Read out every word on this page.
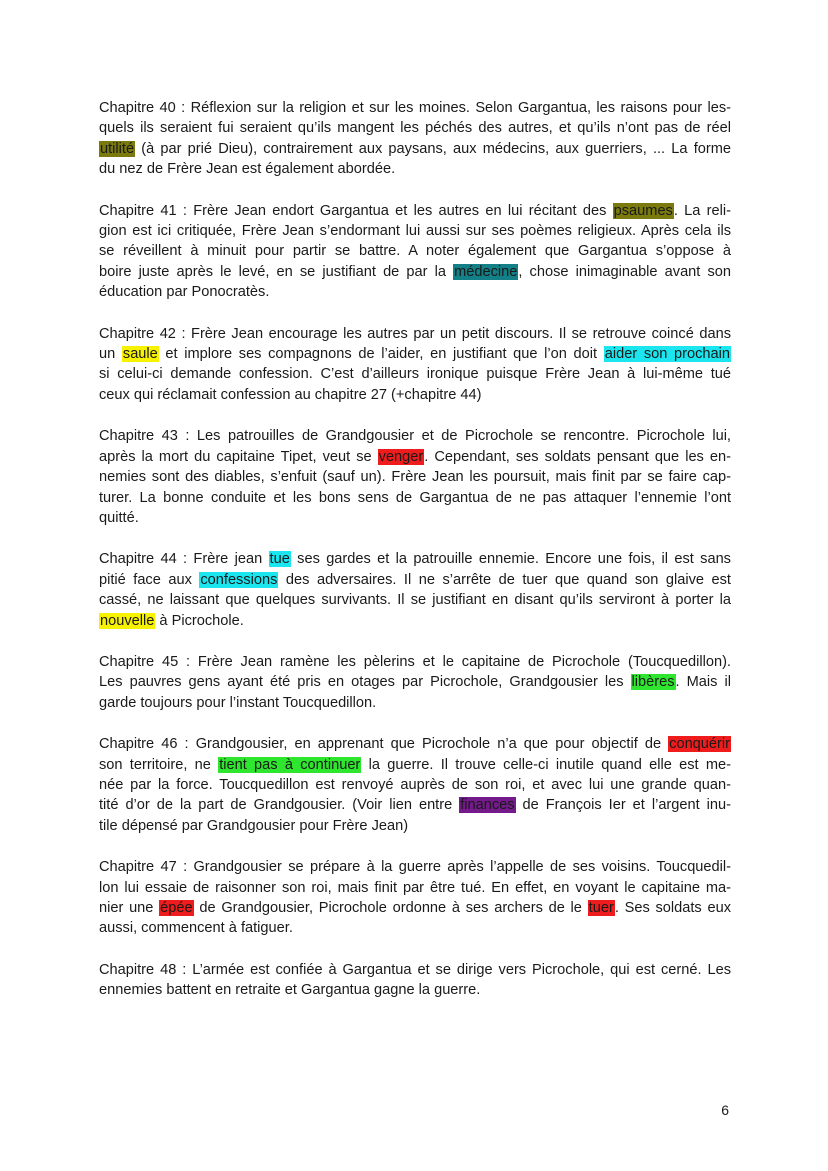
Chapitre 40 : Réflexion sur la religion et sur les moines. Selon Gargantua, les raisons pour les-
quels ils seraient fui seraient qu’ils mangent les péchés des autres, et qu’ils n’ont pas de réel
utilité (à par prié Dieu), contrairement aux paysans, aux médecins, aux guerriers, ... La forme
du nez de Frère Jean est également abordée.

Chapitre 41 : Frère Jean endort Gargantua et les autres en lui récitant des psaumes. La reli-
gion est ici critiquée, Frère Jean s’endormant lui aussi sur ses poèmes religieux. Après cela ils
se réveillent à minuit pour partir se battre. A noter également que Gargantua s’oppose à
boire juste après le levé, en se justifiant de par la médecine, chose inimaginable avant son
éducation par Ponocratès.

Chapitre 42 : Frère Jean encourage les autres par un petit discours. Il se retrouve coincé dans
un saule et implore ses compagnons de l’aider, en justifiant que l’on doit aider son prochain
si celui-ci demande confession. C’est d’ailleurs ironique puisque Frère Jean à lui-même tué
ceux qui réclamait confession au chapitre 27 (+chapitre 44)

Chapitre 43 : Les patrouilles de Grandgousier et de Picrochole se rencontre. Picrochole lui,
après la mort du capitaine Tipet, veut se venger. Cependant, ses soldats pensant que les en-
nemies sont des diables, s’enfuit (sauf un). Frère Jean les poursuit, mais finit par se faire cap-
turer. La bonne conduite et les bons sens de Gargantua de ne pas attaquer l’ennemie l’ont
quitté.

Chapitre 44 : Frère jean tue ses gardes et la patrouille ennemie. Encore une fois, il est sans
pitié face aux confessions des adversaires. Il ne s’arrête de tuer que quand son glaive est
cassé, ne laissant que quelques survivants. Il se justifiant en disant qu’ils serviront à porter la
nouvelle à Picrochole.

Chapitre 45 : Frère Jean ramène les pèlerins et le capitaine de Picrochole (Toucquedillon).
Les pauvres gens ayant été pris en otages par Picrochole, Grandgousier les libères. Mais il
garde toujours pour l’instant Toucquedillon.

Chapitre 46 : Grandgousier, en apprenant que Picrochole n’a que pour objectif de conquérir
son territoire, ne tient pas à continuer la guerre. Il trouve celle-ci inutile quand elle est me-
née par la force. Toucquedillon est renvoyé auprès de son roi, et avec lui une grande quan-
tité d’or de la part de Grandgousier. (Voir lien entre finances de François Ier et l’argent inu-
tile dépensé par Grandgousier pour Frère Jean)

Chapitre 47 : Grandgousier se prépare à la guerre après l’appelle de ses voisins. Toucquedil-
lon lui essaie de raisonner son roi, mais finit par être tué. En effet, en voyant le capitaine ma-
nier une épée de Grandgousier, Picrochole ordonne à ses archers de le tuer. Ses soldats eux
aussi, commencent à fatiguer.

Chapitre 48 : L’armée est confiée à Gargantua et se dirige vers Picrochole, qui est cerné. Les
ennemies battent en retraite et Gargantua gagne la guerre.

6
